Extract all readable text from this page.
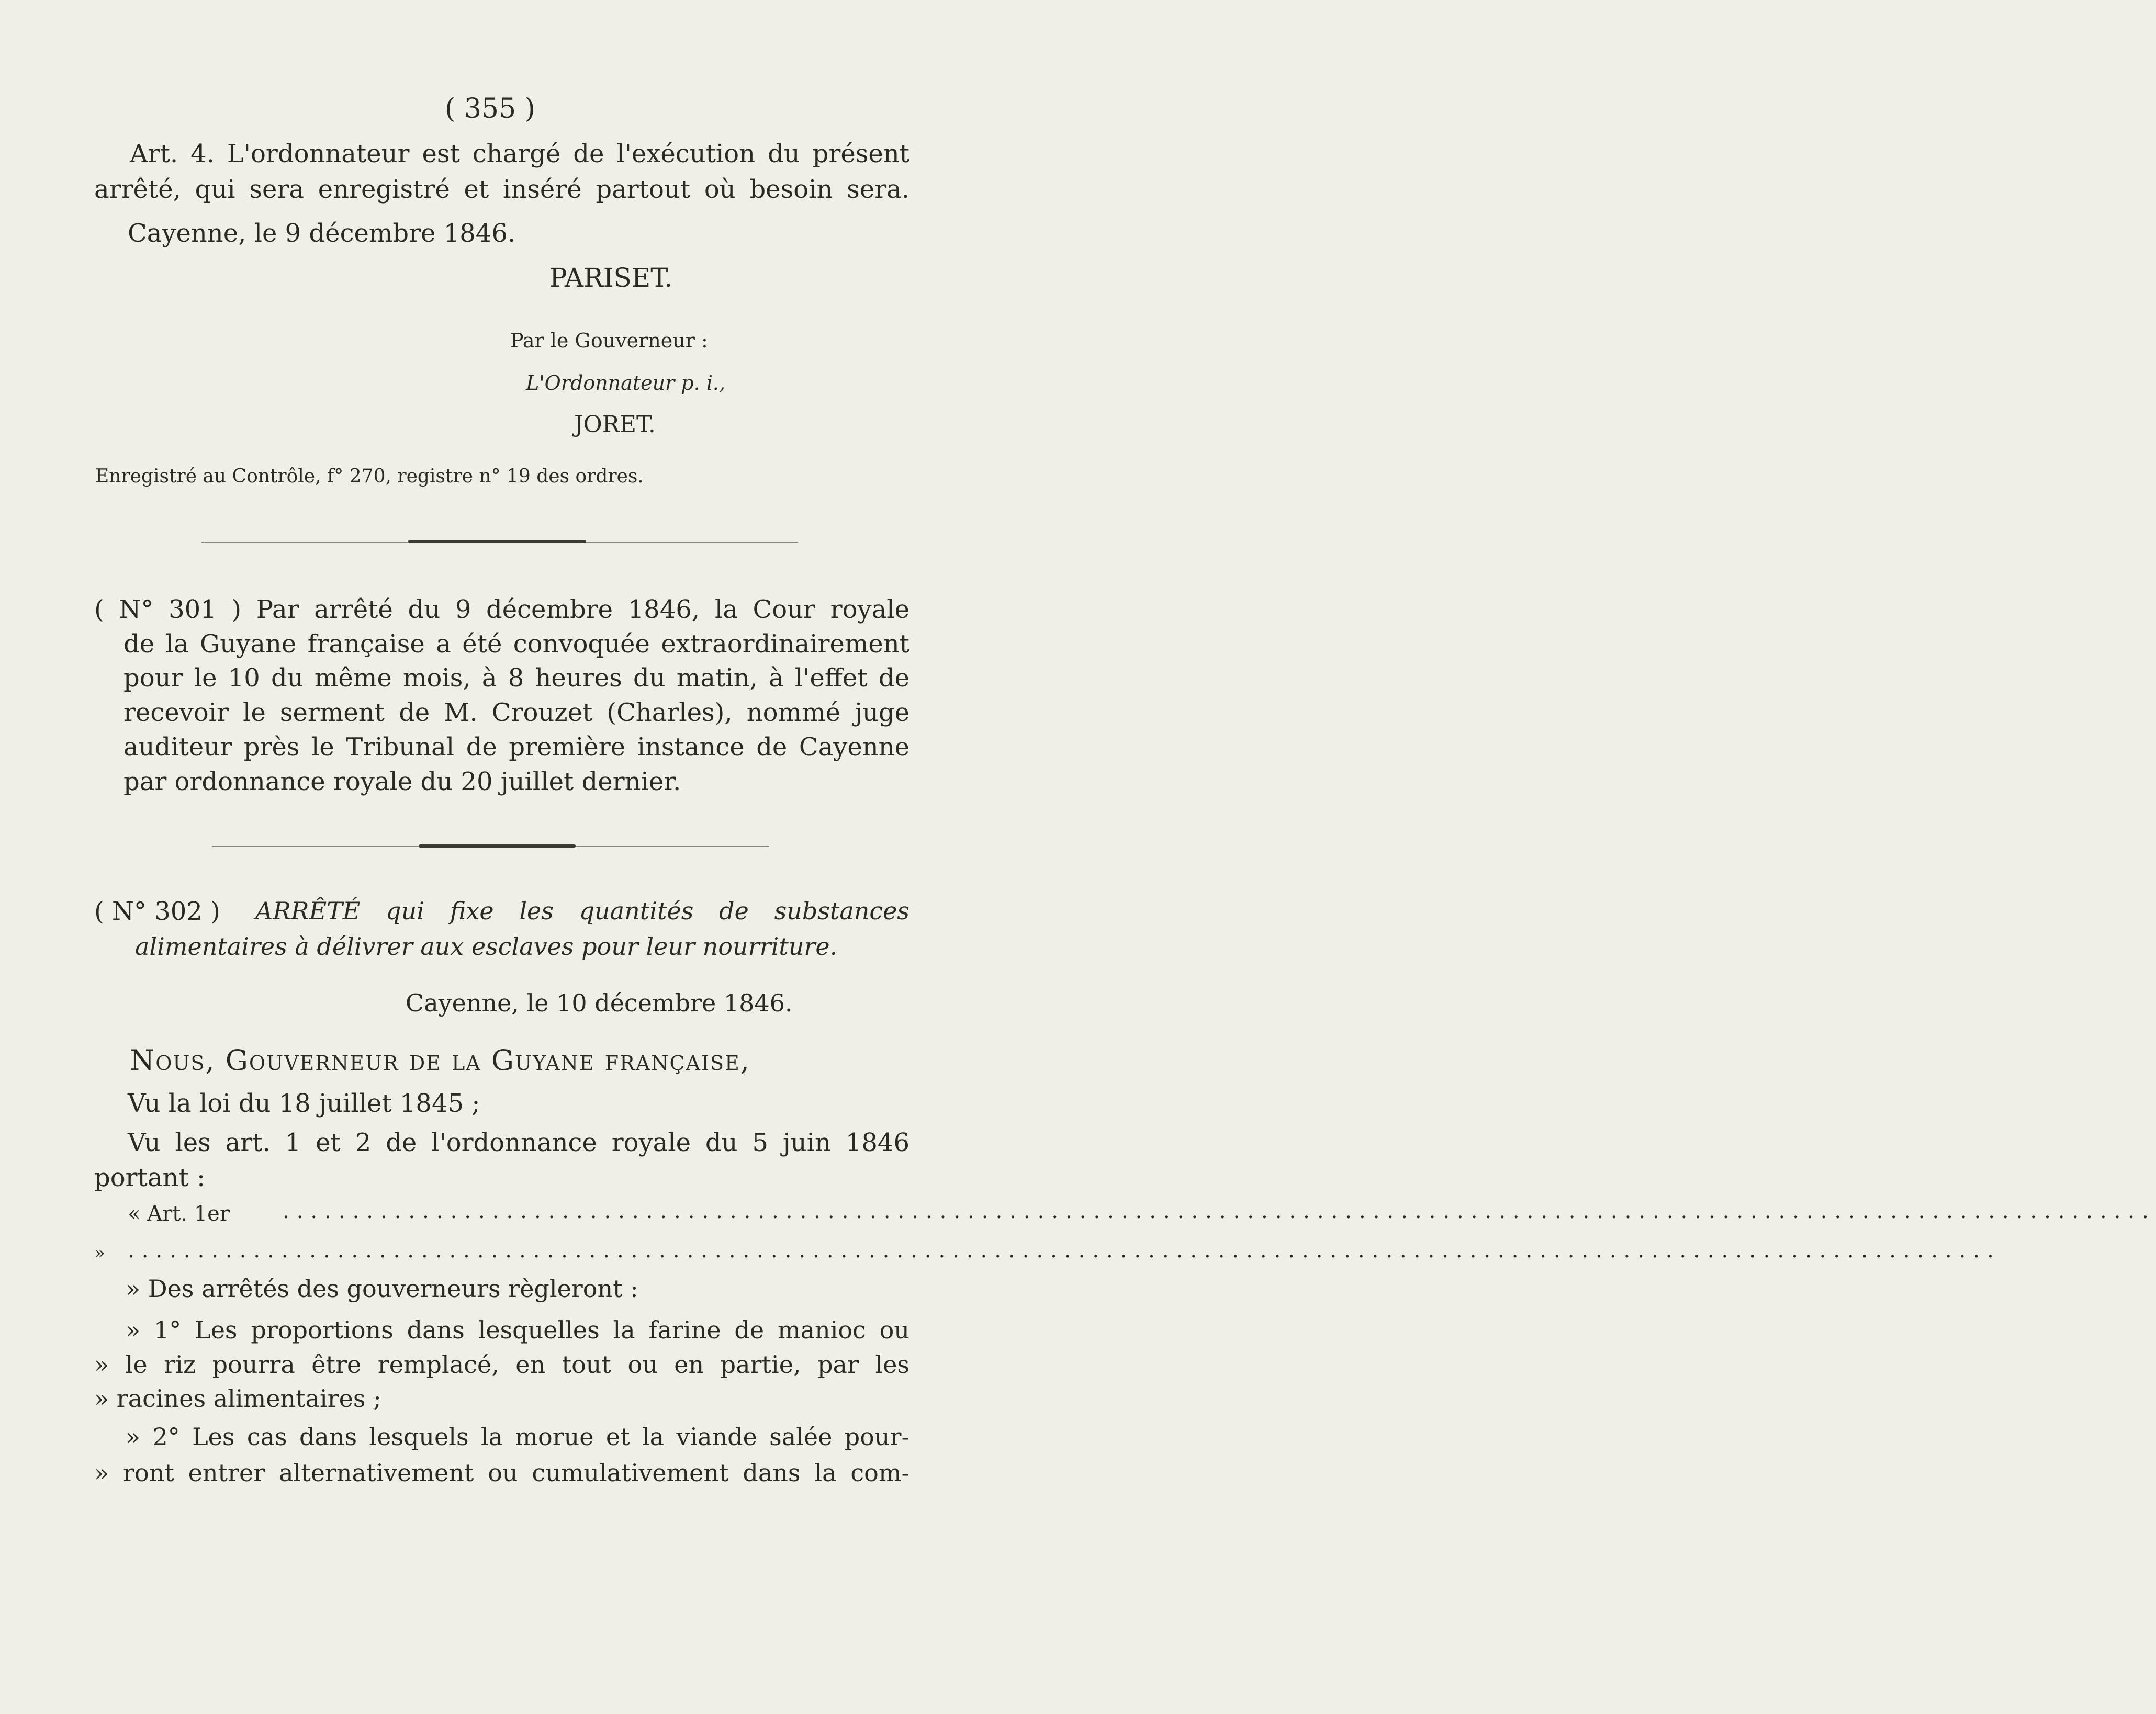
( 355 )
Art. 4. L'ordonnateur est chargé de l'exécution du présent
arrêté, qui sera enregistré et inséré partout où besoin sera.
Cayenne, le 9 décembre 1846.
PARISET.
Par le Gouverneur :
L'Ordonnateur p. i.,
JORET.
Enregistré au Contrôle, f° 270, registre n° 19 des ordres.
( N° 301 ) Par arrêté du 9 décembre 1846, la Cour royale
de la Guyane française a été convoquée extraordinairement
pour le 10 du même mois, à 8 heures du matin, à l'effet de
recevoir le serment de M. Crouzet (Charles), nommé juge
auditeur près le Tribunal de première instance de Cayenne
par ordonnance royale du 20 juillet dernier.
( N° 302 ) ARRÊTÉ qui fixe les quantités de substances
alimentaires à délivrer aux esclaves pour leur nourriture.
Cayenne, le 10 décembre 1846.
Nous, Gouverneur de la Guyane française,
Vu la loi du 18 juillet 1845 ;
Vu les art. 1 et 2 de l'ordonnance royale du 5 juin 1846
portant :
« Art. 1er	......................................................................................................................................
» ......................................................................................................................................
» Des arrêtés des gouverneurs règleront :
» 1° Les proportions dans lesquelles la farine de manioc ou
» le riz pourra être remplacé, en tout ou en partie, par les
» racines alimentaires ;
» 2° Les cas dans lesquels la morue et la viande salée pour-
» ront entrer alternativement ou cumulativement dans la com-
